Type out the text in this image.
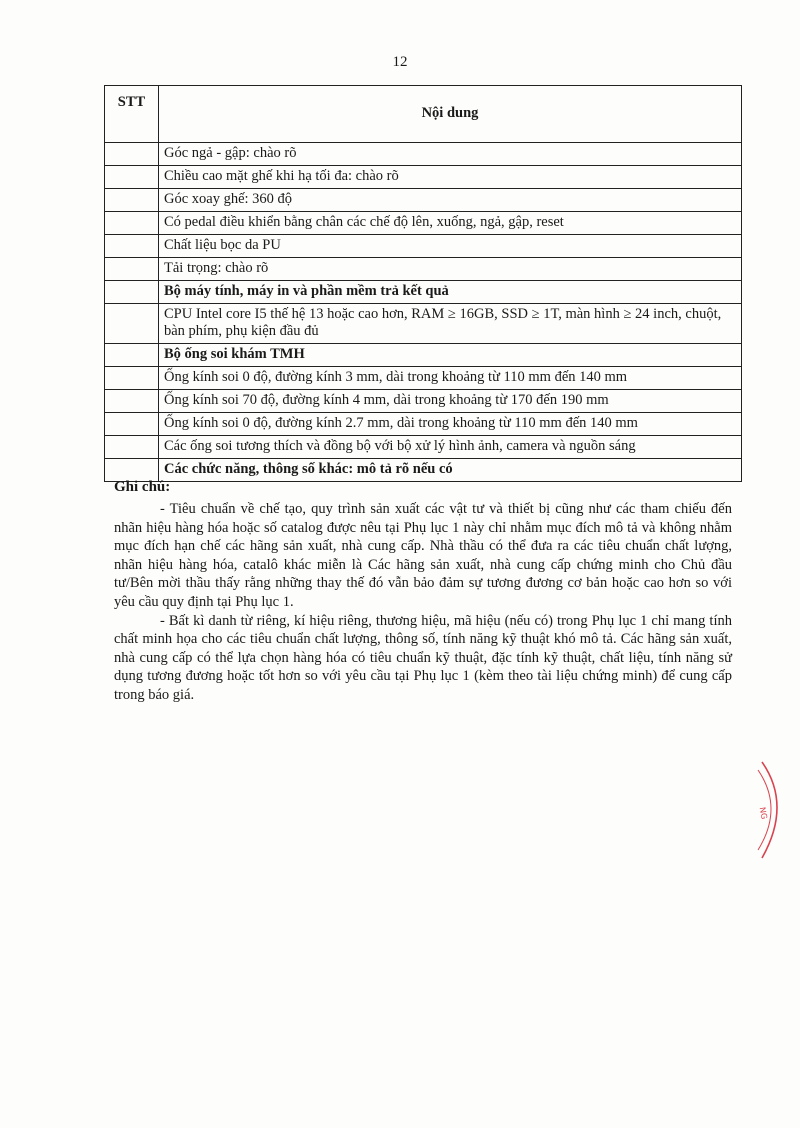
12
STT	Nội dung
	Góc ngả - gập: chào rõ
	Chiều cao mặt ghế khi hạ tối đa: chào rõ
	Góc xoay ghế: 360 độ
	Có pedal điều khiển bằng chân các chế độ lên, xuống, ngả, gập, reset
	Chất liệu bọc da PU
	Tải trọng: chào rõ
	Bộ máy tính, máy in và phần mềm trả kết quả
	CPU Intel core I5 thế hệ 13 hoặc cao hơn, RAM ≥ 16GB, SSD ≥ 1T, màn hình ≥ 24 inch, chuột, bàn phím, phụ kiện đầu đủ
	Bộ ống soi khám TMH
	Ống kính soi 0 độ, đường kính 3 mm, dài trong khoảng từ 110 mm đến 140 mm
	Ống kính soi 70 độ, đường kính 4 mm, dài trong khoảng từ 170 đến 190 mm
	Ống kính soi 0 độ, đường kính 2.7 mm, dài trong khoảng từ 110 mm đến 140 mm
	Các ống soi tương thích và đồng bộ với bộ xử lý hình ảnh, camera và nguồn sáng
	Các chức năng, thông số khác: mô tả rõ nếu có
Ghi chú:

- Tiêu chuẩn về chế tạo, quy trình sản xuất các vật tư và thiết bị cũng như các tham chiếu đến nhãn hiệu hàng hóa hoặc số catalog được nêu tại Phụ lục 1 này chỉ nhằm mục đích mô tả và không nhằm mục đích hạn chế các hãng sản xuất, nhà cung cấp. Nhà thầu có thể đưa ra các tiêu chuẩn chất lượng, nhãn hiệu hàng hóa, catalô khác miễn là Các hãng sản xuất, nhà cung cấp chứng minh cho Chủ đầu tư/Bên mời thầu thấy rằng những thay thế đó vẫn bảo đảm sự tương đương cơ bản hoặc cao hơn so với yêu cầu quy định tại Phụ lục 1.

- Bất kì danh từ riêng, kí hiệu riêng, thương hiệu, mã hiệu (nếu có) trong Phụ lục 1 chỉ mang tính chất minh họa cho các tiêu chuẩn chất lượng, thông số, tính năng kỹ thuật khó mô tả. Các hãng sản xuất, nhà cung cấp có thể lựa chọn hàng hóa có tiêu chuẩn kỹ thuật, đặc tính kỹ thuật, chất liệu, tính năng sử dụng tương đương hoặc tốt hơn so với yêu cầu tại Phụ lục 1 (kèm theo tài liệu chứng minh) để cung cấp trong báo giá.

NG
